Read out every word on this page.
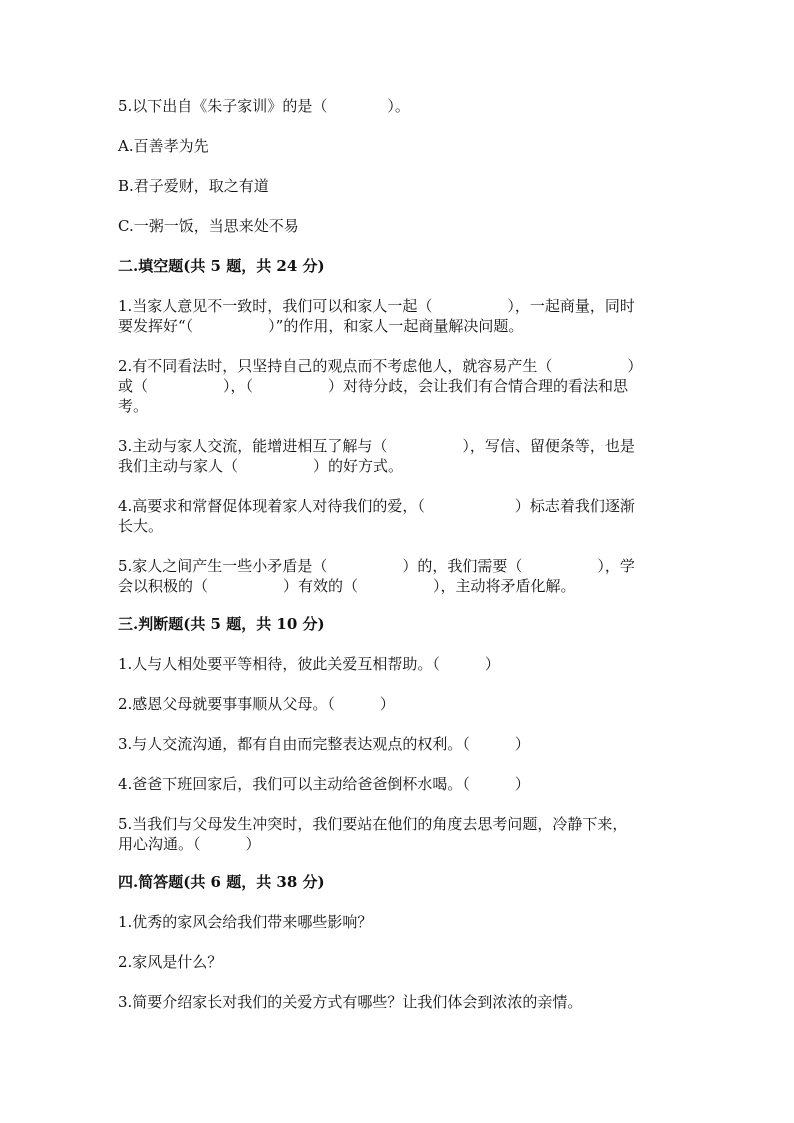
5.以下出自《朱子家训》的是（　　　　）。

A.百善孝为先

B.君子爱财，取之有道

C.一粥一饭，当思来处不易

二.填空题(共 5 题，共 24 分)

1.当家人意见不一致时，我们可以和家人一起（　　　　　），一起商量，同时

要发挥好“（　　　　　）”的作用，和家人一起商量解决问题。

2.有不同看法时，只坚持自己的观点而不考虑他人，就容易产生（　　　　　）

或（　　　　　），（　　　　　）对待分歧，会让我们有合情合理的看法和思

考。

3.主动与家人交流，能增进相互了解与（　　　　　），写信、留便条等，也是

我们主动与家人（　　　　　）的好方式。

4.高要求和常督促体现着家人对待我们的爱，（　　　　　　）标志着我们逐渐

长大。

5.家人之间产生一些小矛盾是（　　　　　）的，我们需要（　　　　　），学

会以积极的（　　　　　）有效的（　　　　　），主动将矛盾化解。

三.判断题(共 5 题，共 10 分)

1.人与人相处要平等相待，彼此关爱互相帮助。（　　　）

2.感恩父母就要事事顺从父母。（　　　）

3.与人交流沟通，都有自由而完整表达观点的权利。（　　　）

4.爸爸下班回家后，我们可以主动给爸爸倒杯水喝。（　　　）

5.当我们与父母发生冲突时，我们要站在他们的角度去思考问题，冷静下来，

用心沟通。（　　　）

四.简答题(共 6 题，共 38 分)

1.优秀的家风会给我们带来哪些影响？

2.家风是什么？

3.简要介绍家长对我们的关爱方式有哪些？让我们体会到浓浓的亲情。
